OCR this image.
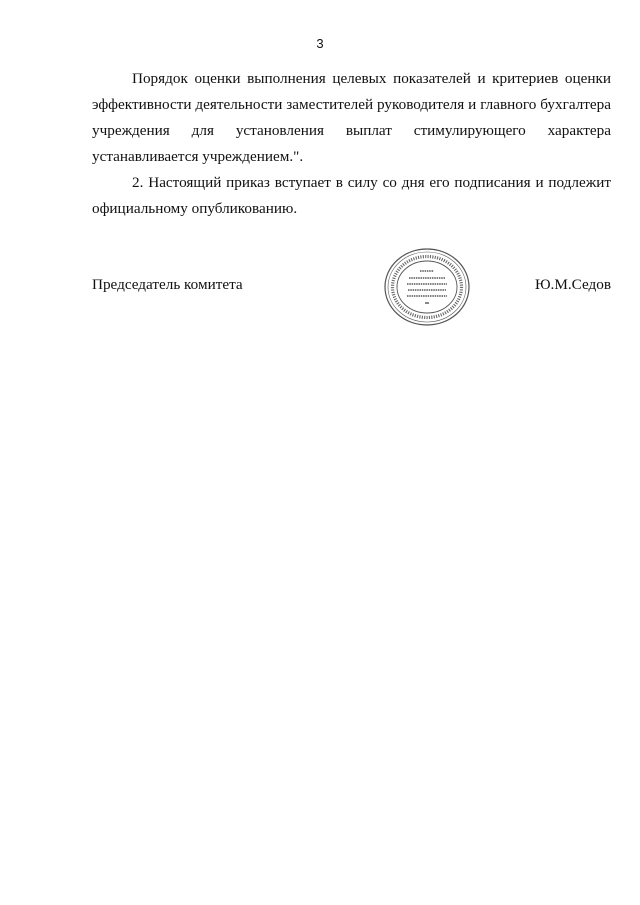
3

Порядок оценки выполнения целевых показателей и критериев оценки эффективности деятельности заместителей руководителя и главного бухгалтера учреждения для установления выплат стимулирующего характера устанавливается учреждением.".

2. Настоящий приказ вступает в силу со дня его подписания и подлежит официальному опубликованию.

Председатель комитета	Ю.М.Седов
